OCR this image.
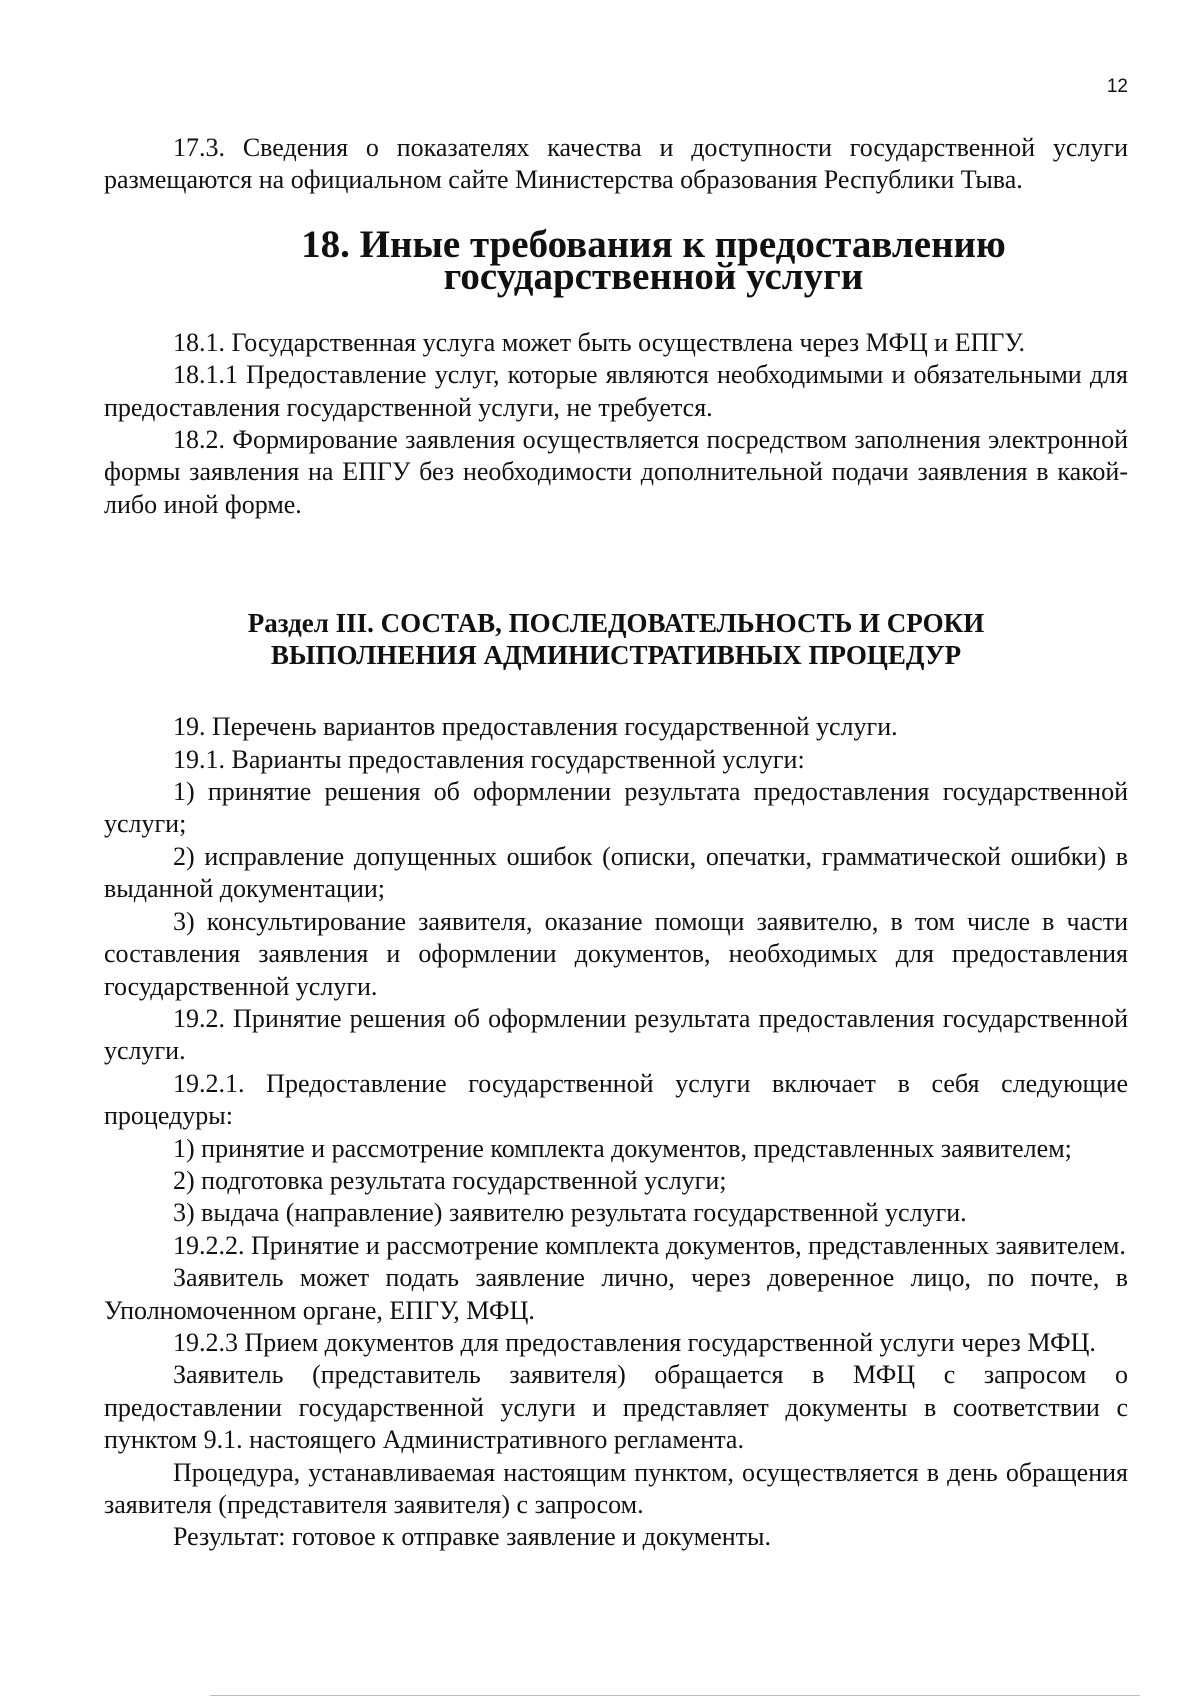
12

17.3. Сведения о показателях качества и доступности государственной услуги размещаются на официальном сайте Министерства образования Республики Тыва.

18. Иные требования к предоставлению государственной услуги

18.1. Государственная услуга может быть осуществлена через МФЦ и ЕПГУ.

18.1.1 Предоставление услуг, которые являются необходимыми и обязательными для предоставления государственной услуги, не требуется.

18.2. Формирование заявления осуществляется посредством заполнения электронной формы заявления на ЕПГУ без необходимости дополнительной подачи заявления в какой-либо иной форме.

Раздел III. СОСТАВ, ПОСЛЕДОВАТЕЛЬНОСТЬ И СРОКИ
ВЫПОЛНЕНИЯ АДМИНИСТРАТИВНЫХ ПРОЦЕДУР

19. Перечень вариантов предоставления государственной услуги.

19.1. Варианты предоставления государственной услуги:

1) принятие решения об оформлении результата предоставления государственной услуги;

2) исправление допущенных ошибок (описки, опечатки, грамматической ошибки) в выданной документации;

3) консультирование заявителя, оказание помощи заявителю, в том числе в части составления заявления и оформлении документов, необходимых для предоставления государственной услуги.

19.2. Принятие решения об оформлении результата предоставления государственной услуги.

19.2.1. Предоставление государственной услуги включает в себя следующие процедуры:

1) принятие и рассмотрение комплекта документов, представленных заявителем;

2) подготовка результата государственной услуги;

3) выдача (направление) заявителю результата государственной услуги.

19.2.2. Принятие и рассмотрение комплекта документов, представленных заявителем.

Заявитель может подать заявление лично, через доверенное лицо, по почте, в Уполномоченном органе, ЕПГУ, МФЦ.

19.2.3 Прием документов для предоставления государственной услуги через МФЦ.

Заявитель (представитель заявителя) обращается в МФЦ с запросом о предоставлении государственной услуги и представляет документы в соответствии с пунктом 9.1. настоящего Административного регламента.

Процедура, устанавливаемая настоящим пунктом, осуществляется в день обращения заявителя (представителя заявителя) с запросом.

Результат: готовое к отправке заявление и документы.
